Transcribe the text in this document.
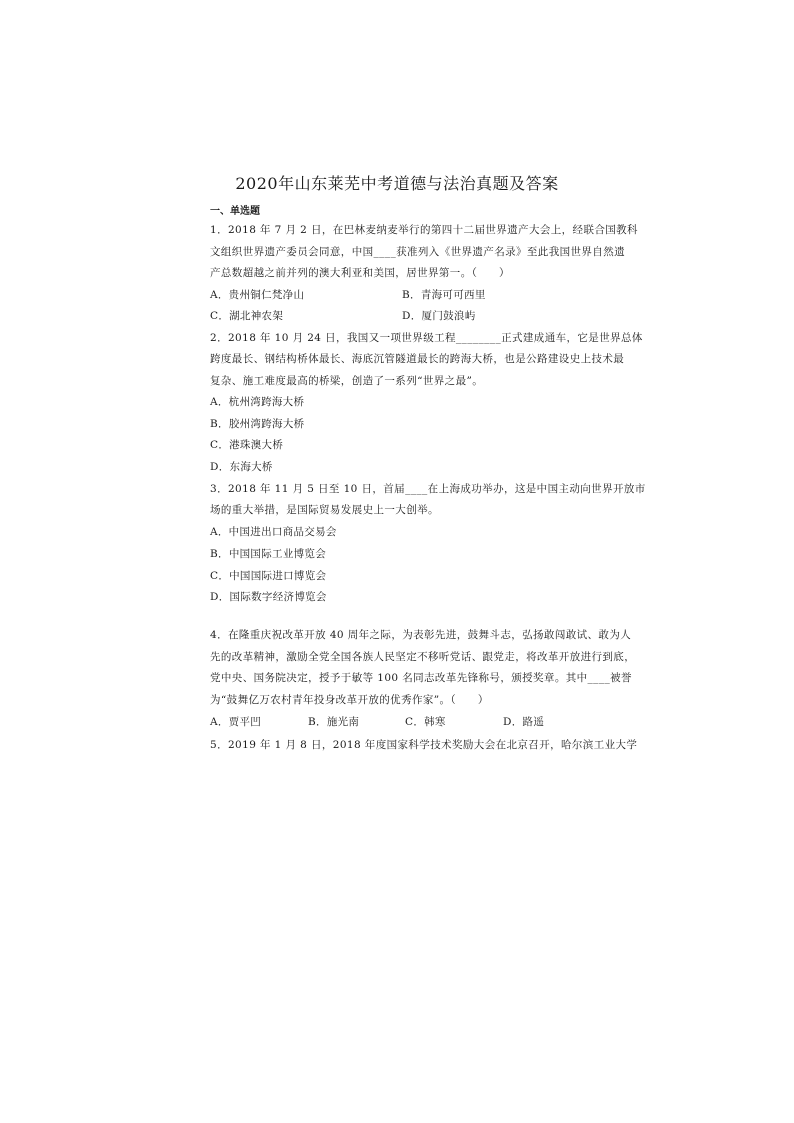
2020年山东莱芜中考道德与法治真题及答案
一、单选题
1．2018 年 7 月 2 日，在巴林麦纳麦举行的第四十二届世界遗产大会上，经联合国教科
文组织世界遗产委员会同意，中国____获准列入《世界遗产名录》至此我国世界自然遗
产总数超越之前并列的澳大利亚和美国，居世界第一。（　　）
A．贵州铜仁梵净山	B．青海可可西里
C．湖北神农架	D．厦门鼓浪屿
2．2018 年 10 月 24 日，我国又一项世界级工程________正式建成通车，它是世界总体
跨度最长、钢结构桥体最长、海底沉管隧道最长的跨海大桥，也是公路建设史上技术最
复杂、施工难度最高的桥梁，创造了一系列“世界之最”。
A．杭州湾跨海大桥
B．胶州湾跨海大桥
C．港珠澳大桥
D．东海大桥
3．2018 年 11 月 5 日至 10 日，首届____在上海成功举办，这是中国主动向世界开放市
场的重大举措，是国际贸易发展史上一大创举。
A．中国进出口商品交易会
B．中国国际工业博览会
C．中国国际进口博览会
D．国际数字经济博览会
4．在隆重庆祝改革开放 40 周年之际，为表彰先进，鼓舞斗志，弘扬敢闯敢试、敢为人
先的改革精神，激励全党全国各族人民坚定不移听党话、跟党走，将改革开放进行到底，
党中央、国务院决定，授予于敏等 100 名同志改革先锋称号，颁授奖章。其中____被誉
为“鼓舞亿万农村青年投身改革开放的优秀作家”。（　　）
A．贾平凹	B．施光南	C．韩寒	D．路遥
5．2019 年 1 月 8 日，2018 年度国家科学技术奖励大会在北京召开，哈尔滨工业大学
